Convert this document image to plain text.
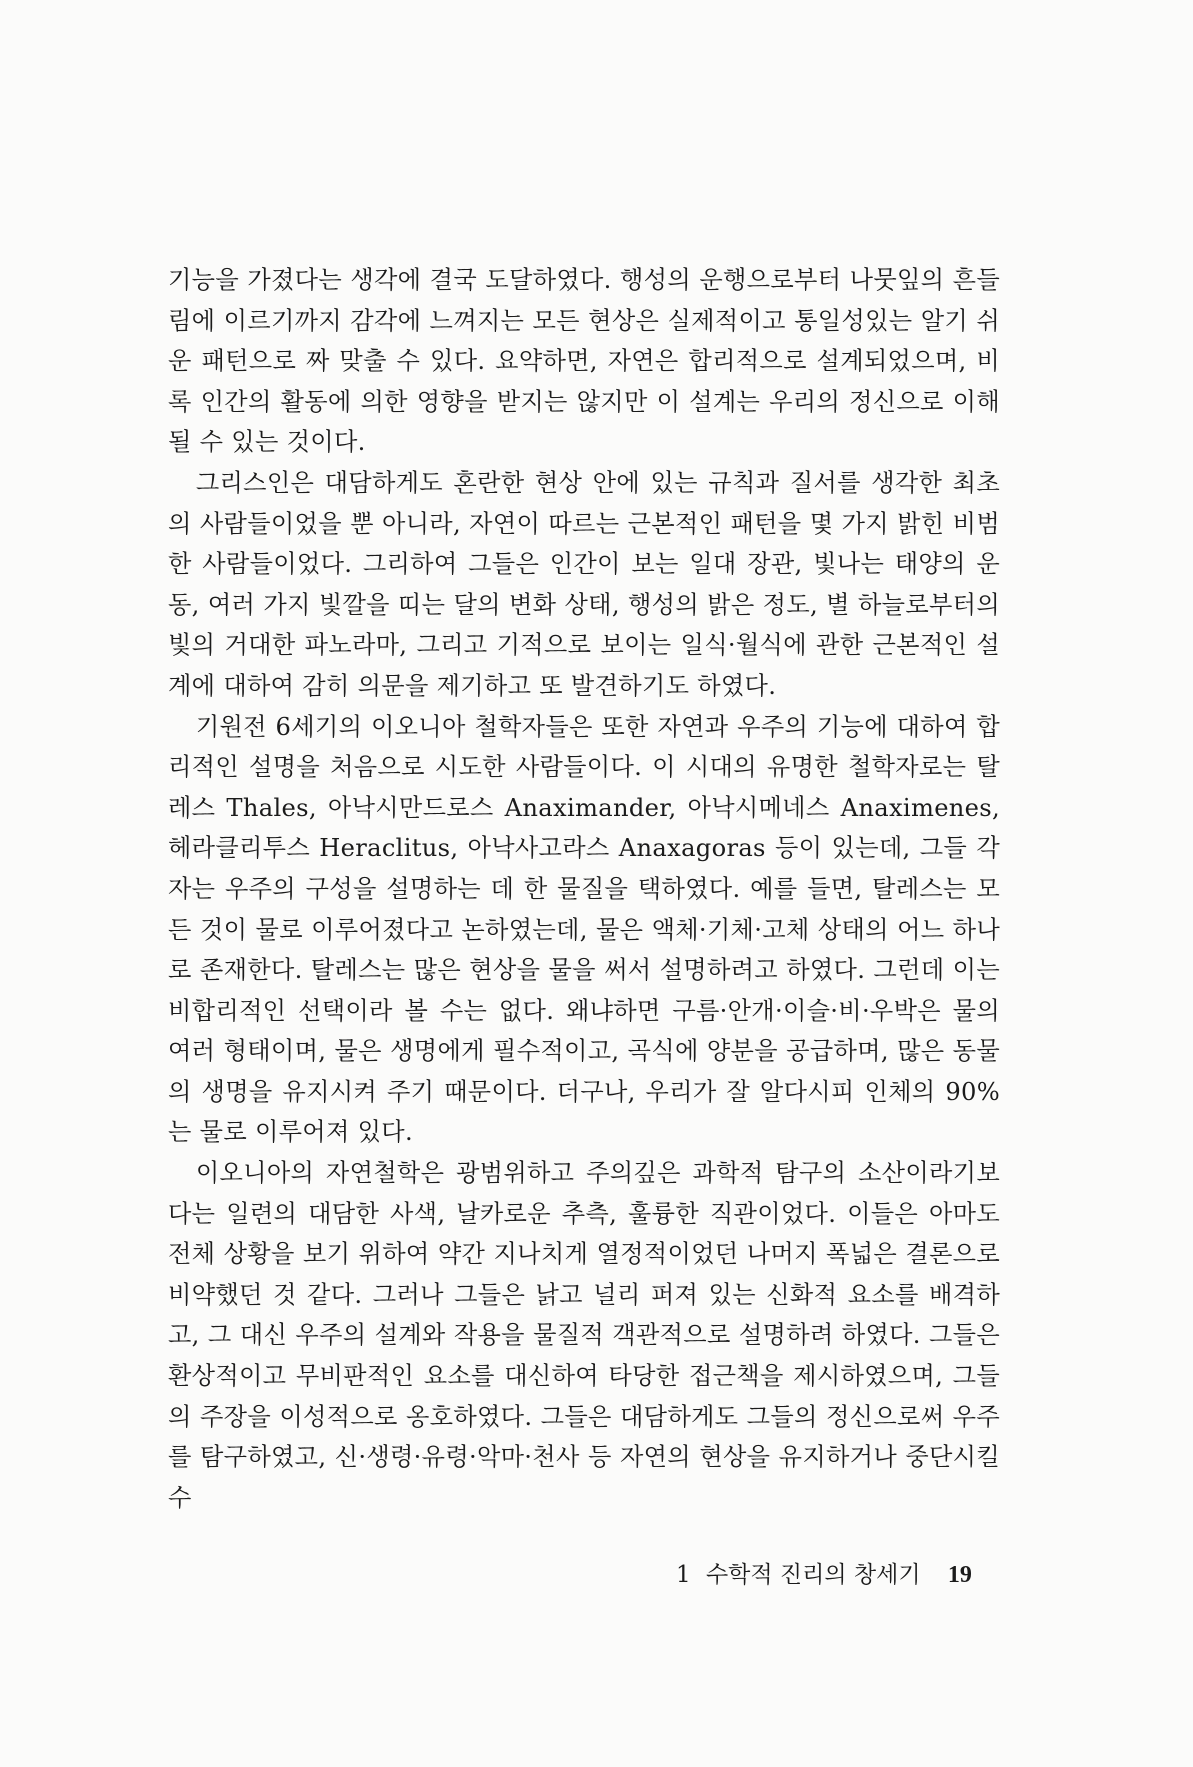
기능을 가졌다는 생각에 결국 도달하였다. 행성의 운행으로부터 나뭇잎의 흔들림에 이르기까지 감각에 느껴지는 모든 현상은 실제적이고 통일성있는 알기 쉬운 패턴으로 짜 맞출 수 있다. 요약하면, 자연은 합리적으로 설계되었으며, 비록 인간의 활동에 의한 영향을 받지는 않지만 이 설계는 우리의 정신으로 이해될 수 있는 것이다.

그리스인은 대담하게도 혼란한 현상 안에 있는 규칙과 질서를 생각한 최초의 사람들이었을 뿐 아니라, 자연이 따르는 근본적인 패턴을 몇 가지 밝힌 비범한 사람들이었다. 그리하여 그들은 인간이 보는 일대 장관, 빛나는 태양의 운동, 여러 가지 빛깔을 띠는 달의 변화 상태, 행성의 밝은 정도, 별 하늘로부터의 빛의 거대한 파노라마, 그리고 기적으로 보이는 일식·월식에 관한 근본적인 설계에 대하여 감히 의문을 제기하고 또 발견하기도 하였다.

기원전 6세기의 이오니아 철학자들은 또한 자연과 우주의 기능에 대하여 합리적인 설명을 처음으로 시도한 사람들이다. 이 시대의 유명한 철학자로는 탈레스 Thales, 아낙시만드로스 Anaximander, 아낙시메네스 Anaximenes, 헤라클리투스 Heraclitus, 아낙사고라스 Anaxagoras 등이 있는데, 그들 각자는 우주의 구성을 설명하는 데 한 물질을 택하였다. 예를 들면, 탈레스는 모든 것이 물로 이루어졌다고 논하였는데, 물은 액체·기체·고체 상태의 어느 하나로 존재한다. 탈레스는 많은 현상을 물을 써서 설명하려고 하였다. 그런데 이는 비합리적인 선택이라 볼 수는 없다. 왜냐하면 구름·안개·이슬·비·우박은 물의 여러 형태이며, 물은 생명에게 필수적이고, 곡식에 양분을 공급하며, 많은 동물의 생명을 유지시켜 주기 때문이다. 더구나, 우리가 잘 알다시피 인체의 90%는 물로 이루어져 있다.

이오니아의 자연철학은 광범위하고 주의깊은 과학적 탐구의 소산이라기보다는 일련의 대담한 사색, 날카로운 추측, 훌륭한 직관이었다. 이들은 아마도 전체 상황을 보기 위하여 약간 지나치게 열정적이었던 나머지 폭넓은 결론으로 비약했던 것 같다. 그러나 그들은 낡고 널리 퍼져 있는 신화적 요소를 배격하고, 그 대신 우주의 설계와 작용을 물질적 객관적으로 설명하려 하였다. 그들은 환상적이고 무비판적인 요소를 대신하여 타당한 접근책을 제시하였으며, 그들의 주장을 이성적으로 옹호하였다. 그들은 대담하게도 그들의 정신으로써 우주를 탐구하였고, 신·생령·유령·악마·천사 등 자연의 현상을 유지하거나 중단시킬 수

1 수학적 진리의 창세기 19
